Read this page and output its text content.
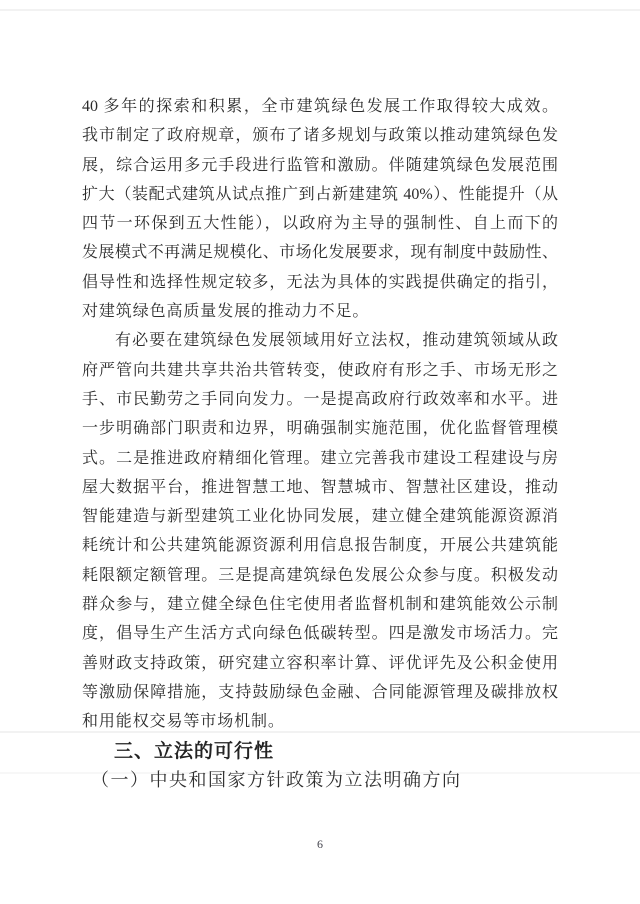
40 多年的探索和积累，全市建筑绿色发展工作取得较大成效。
我市制定了政府规章，颁布了诸多规划与政策以推动建筑绿色发
展，综合运用多元手段进行监管和激励。伴随建筑绿色发展范围
扩大（装配式建筑从试点推广到占新建建筑 40%）、性能提升（从
四节一环保到五大性能），以政府为主导的强制性、自上而下的
发展模式不再满足规模化、市场化发展要求，现有制度中鼓励性、
倡导性和选择性规定较多，无法为具体的实践提供确定的指引，
对建筑绿色高质量发展的推动力不足。
有必要在建筑绿色发展领域用好立法权，推动建筑领域从政
府严管向共建共享共治共管转变，使政府有形之手、市场无形之
手、市民勤劳之手同向发力。一是提高政府行政效率和水平。进
一步明确部门职责和边界，明确强制实施范围，优化监督管理模
式。二是推进政府精细化管理。建立完善我市建设工程建设与房
屋大数据平台，推进智慧工地、智慧城市、智慧社区建设，推动
智能建造与新型建筑工业化协同发展，建立健全建筑能源资源消
耗统计和公共建筑能源资源利用信息报告制度，开展公共建筑能
耗限额定额管理。三是提高建筑绿色发展公众参与度。积极发动
群众参与，建立健全绿色住宅使用者监督机制和建筑能效公示制
度，倡导生产生活方式向绿色低碳转型。四是激发市场活力。完
善财政支持政策，研究建立容积率计算、评优评先及公积金使用
等激励保障措施，支持鼓励绿色金融、合同能源管理及碳排放权
和用能权交易等市场机制。
三、立法的可行性
（一）中央和国家方针政策为立法明确方向
6
